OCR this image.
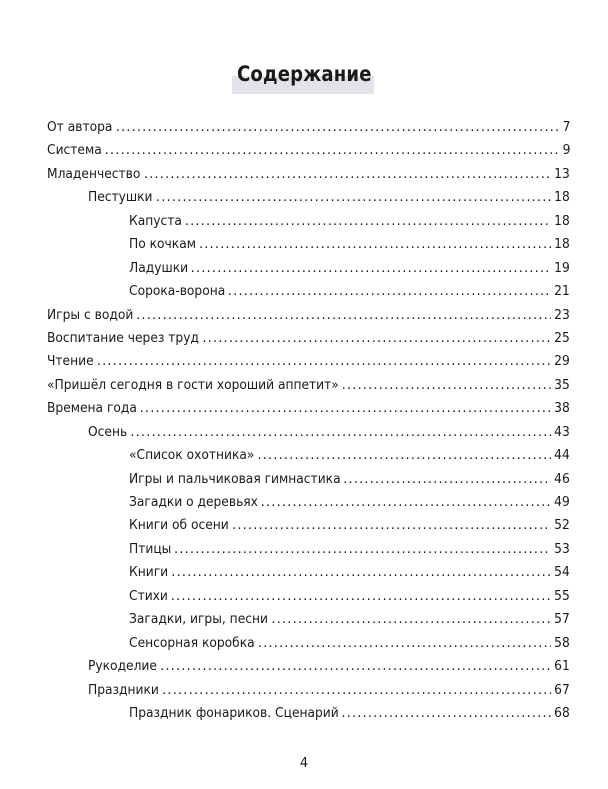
Содержание
От автора .....	7
Система .....	9
Младенчество .....	13
Пестушки .....	18
Капуста .....	18
По кочкам .....	18
Ладушки .....	19
Сорока-ворона .....	21
Игры с водой .....	23
Воспитание через труд .....	25
Чтение .....	29
«Пришёл сегодня в гости хороший аппетит» .....	35
Времена года .....	38
Осень .....	43
«Список охотника» .....	44
Игры и пальчиковая гимнастика .....	46
Загадки о деревьях .....	49
Книги об осени .....	52
Птицы .....	53
Книги .....	54
Стихи .....	55
Загадки, игры, песни .....	57
Сенсорная коробка .....	58
Рукоделие .....	61
Праздники .....	67
Праздник фонариков. Сценарий .....	68
4
